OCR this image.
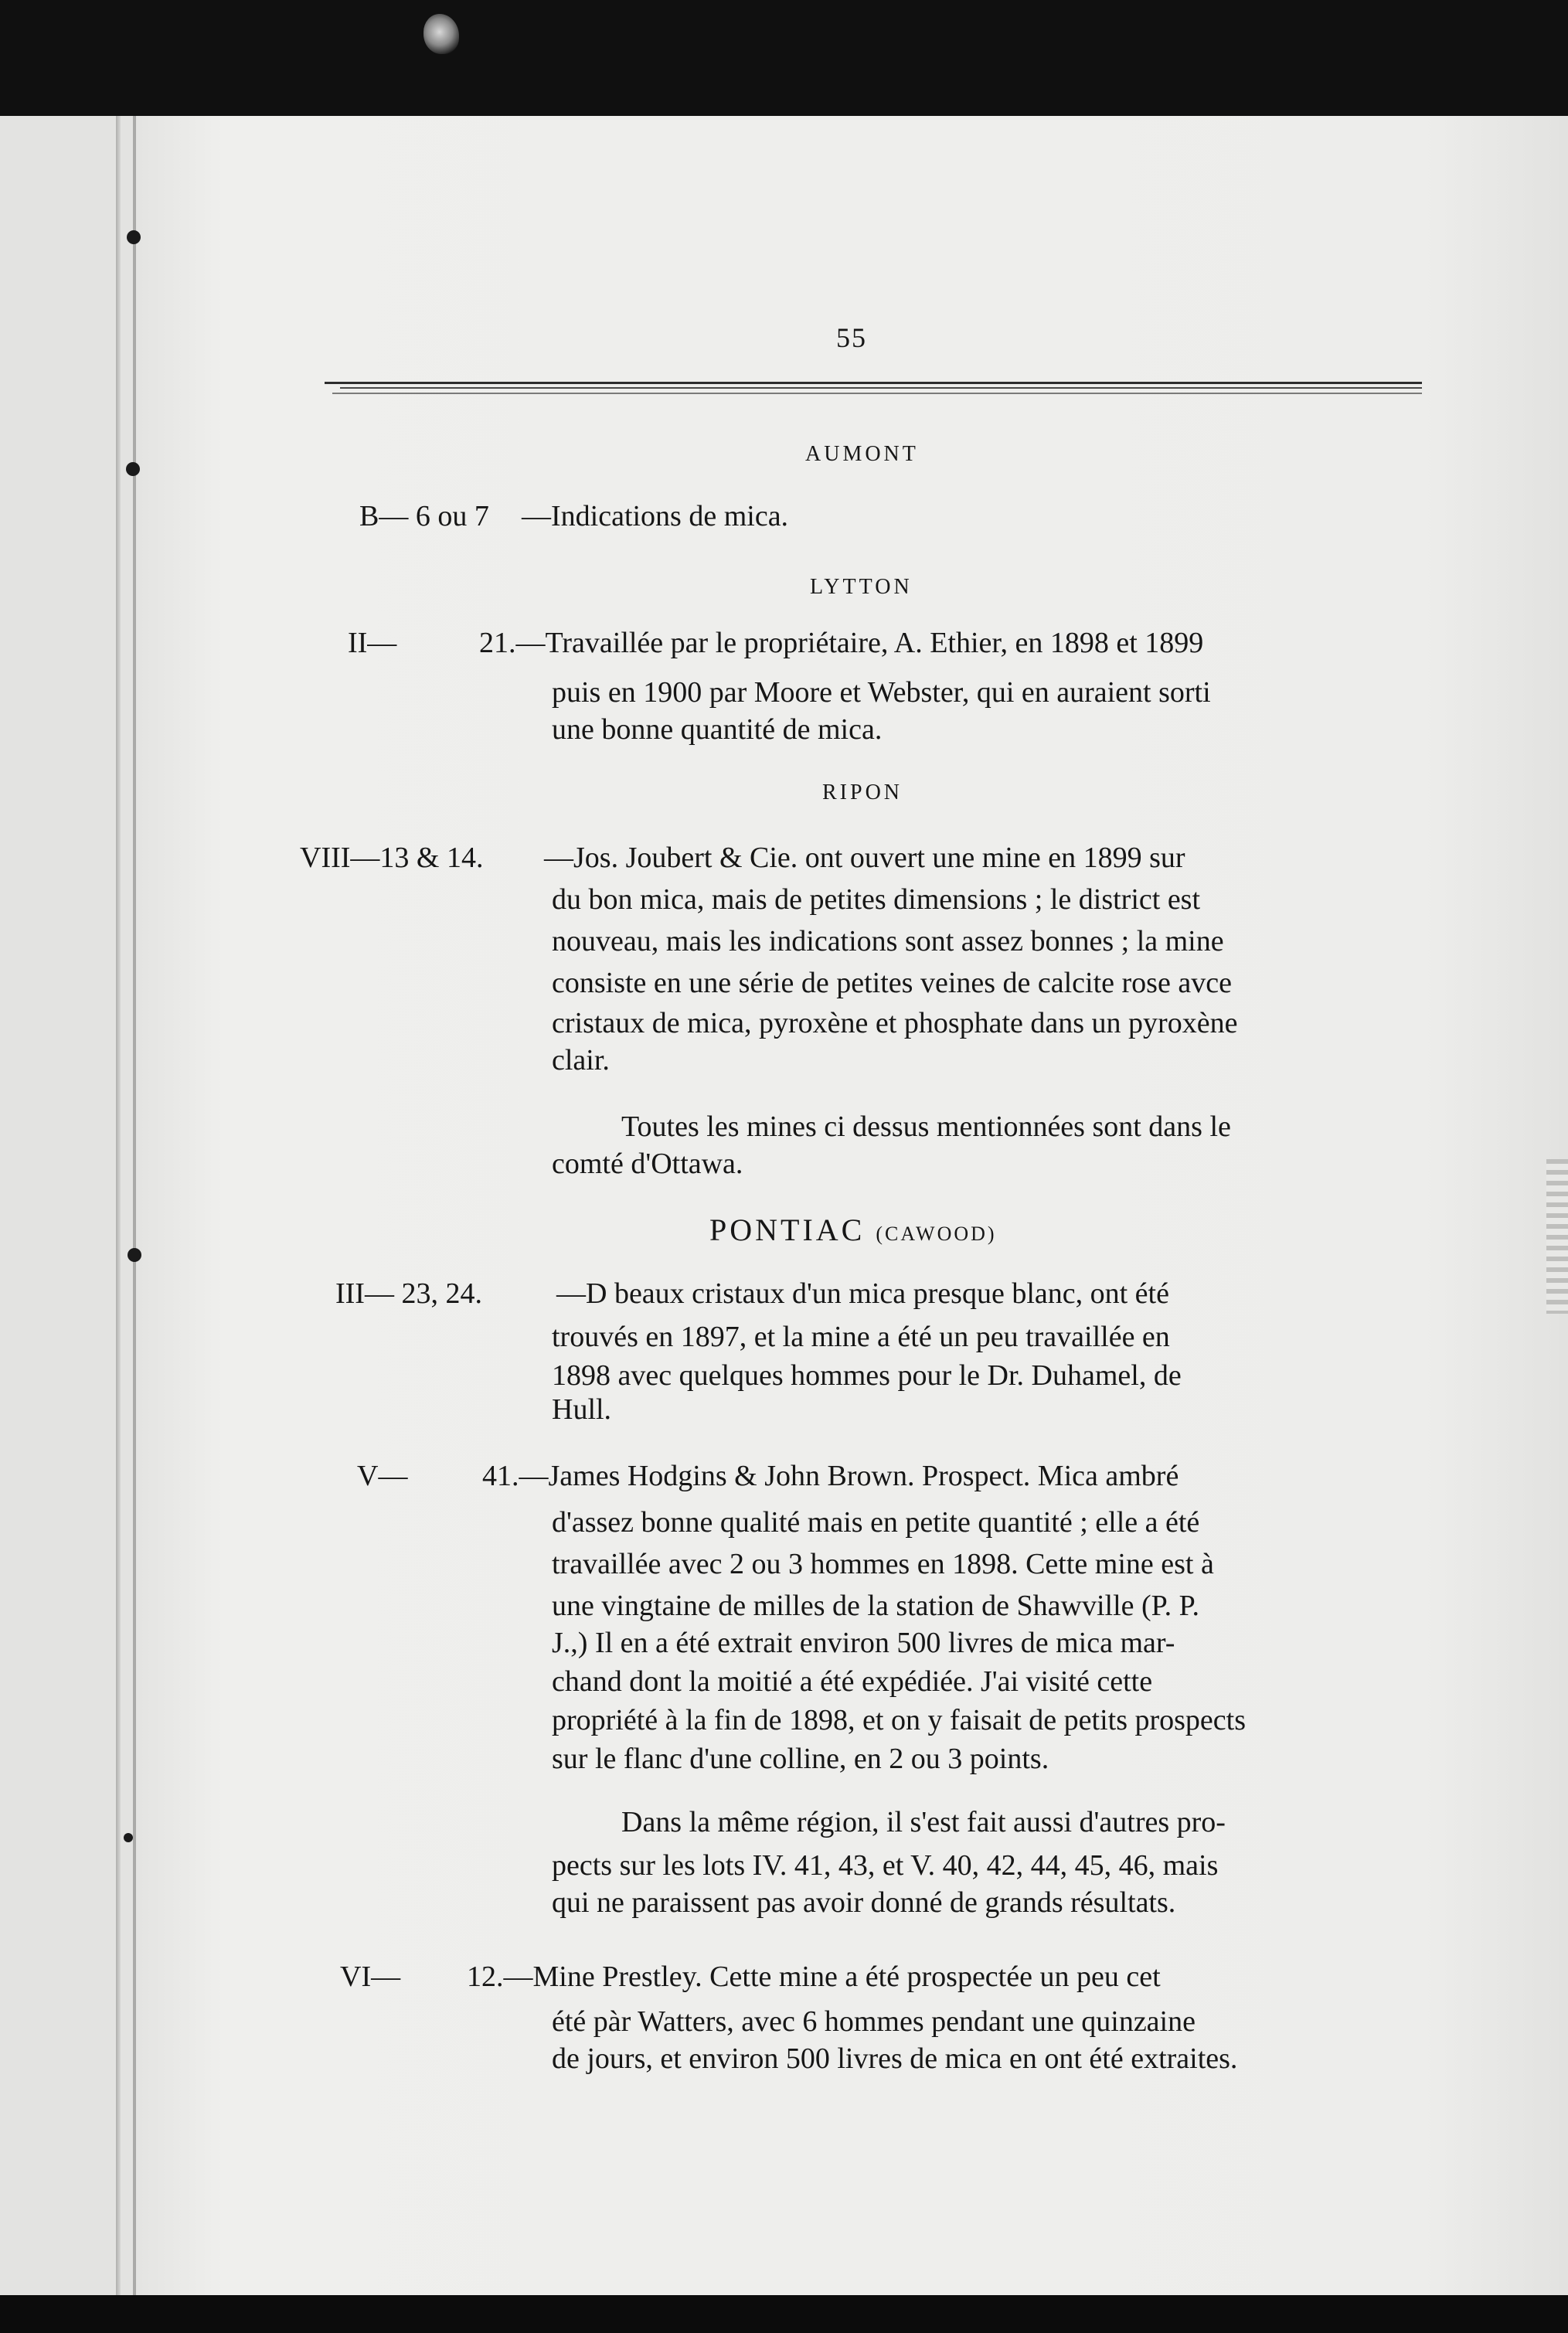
55
AUMONT
B— 6 ou 7 —Indications de mica.
LYTTON
II—	21.—Travaillée par le propriétaire, A. Ethier, en 1898 et 1899
puis en 1900 par Moore et Webster, qui en auraient sorti
une bonne quantité de mica.
RIPON
VIII—13 & 14. —Jos. Joubert & Cie. ont ouvert une mine en 1899 sur
du bon mica, mais de petites dimensions ; le district est
nouveau, mais les indications sont assez bonnes ; la mine
consiste en une série de petites veines de calcite rose avce
cristaux de mica, pyroxène et phosphate dans un pyroxène
clair.
Toutes les mines ci dessus mentionnées sont dans le
comté d'Ottawa.
PONTIAC (CAWOOD)
III— 23, 24.	—D beaux cristaux d'un mica presque blanc, ont été
trouvés en 1897, et la mine a été un peu travaillée en
1898 avec quelques hommes pour le Dr. Duhamel, de
Hull.
V—	41.—James Hodgins & John Brown. Prospect. Mica ambré
d'assez bonne qualité mais en petite quantité ; elle a été
travaillée avec 2 ou 3 hommes en 1898. Cette mine est à
une vingtaine de milles de la station de Shawville (P. P.
J.,) Il en a été extrait environ 500 livres de mica mar-
chand dont la moitié a été expédiée. J'ai visité cette
propriété à la fin de 1898, et on y faisait de petits prospects
sur le flanc d'une colline, en 2 ou 3 points.
Dans la même région, il s'est fait aussi d'autres pro-
pects sur les lots IV. 41, 43, et V. 40, 42, 44, 45, 46, mais
qui ne paraissent pas avoir donné de grands résultats.
VI— 12.—Mine Prestley. Cette mine a été prospectée un peu cet
été pàr Watters, avec 6 hommes pendant une quinzaine
de jours, et environ 500 livres de mica en ont été extraites.
